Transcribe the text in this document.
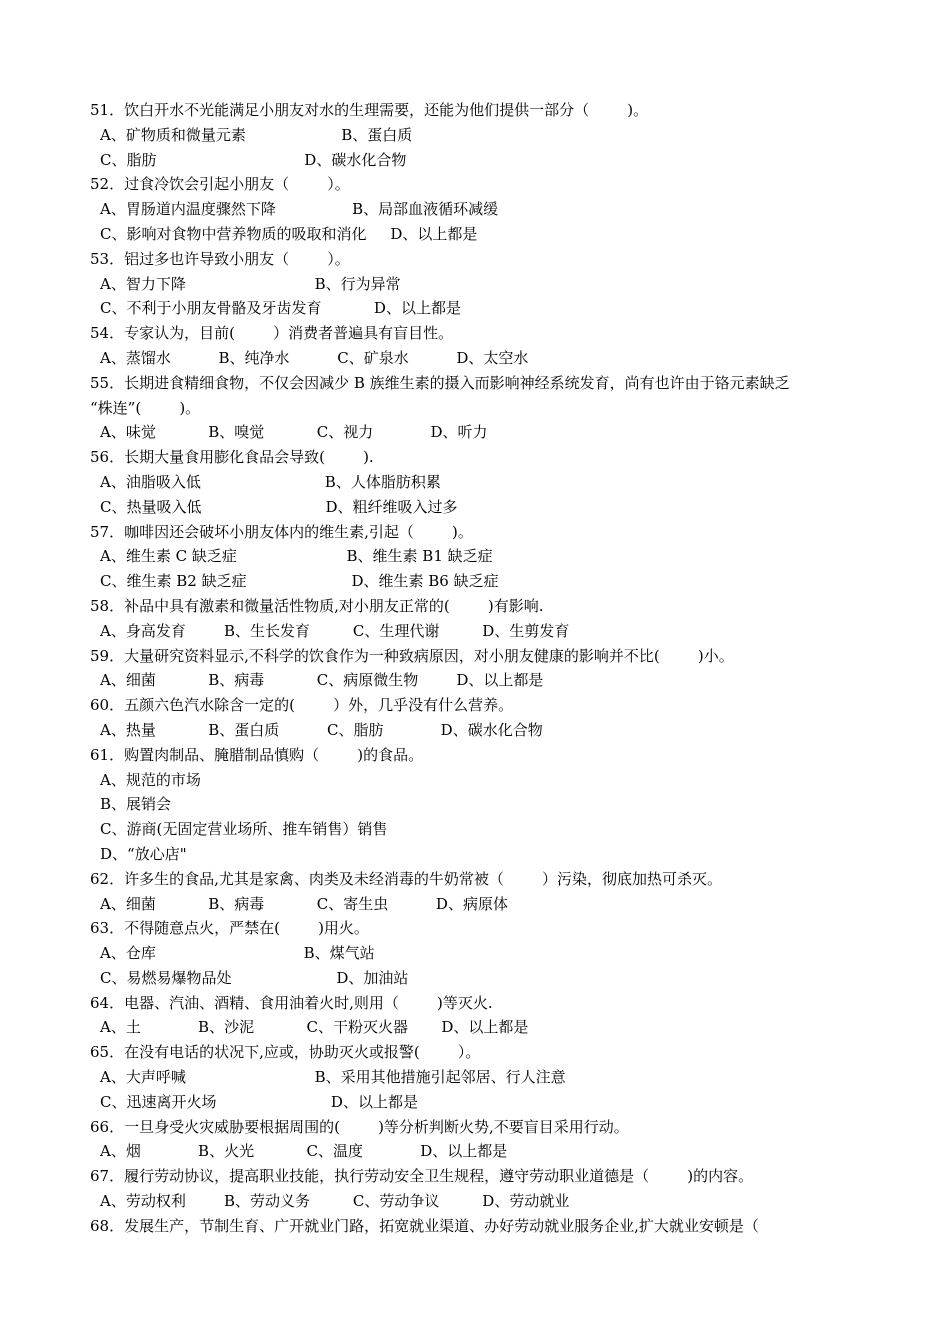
51．饮白开水不光能满足小朋友对水的生理需要，还能为他们提供一部分（        )。
A、矿物质和微量元素                    B、蛋白质
C、脂肪                               D、碳水化合物
52．过食冷饮会引起小朋友（        ）。
A、胃肠道内温度骤然下降                B、局部血液循环减缓
C、影响对食物中营养物质的吸取和消化     D、以上都是
53．铝过多也许导致小朋友（        ）。
A、智力下降                           B、行为异常
C、不利于小朋友骨骼及牙齿发育           D、以上都是
54．专家认为，目前(        ）消费者普遍具有盲目性。
A、蒸馏水          B、纯净水          C、矿泉水          D、太空水
55．长期进食精细食物，不仅会因减少 B 族维生素的摄入而影响神经系统发育，尚有也许由于铬元素缺乏
“株连”(        )。
A、味觉           B、嗅觉           C、视力            D、听力
56．长期大量食用膨化食品会导致(        ).
A、油脂吸入低                          B、人体脂肪积累
C、热量吸入低                          D、粗纤维吸入过多
57．咖啡因还会破坏小朋友体内的维生素,引起（        )。
A、维生素 C 缺乏症                       B、维生素 B1 缺乏症
C、维生素 B2 缺乏症                      D、维生素 B6 缺乏症
58．补品中具有激素和微量活性物质,对小朋友正常的(        )有影响.
A、身高发育        B、生长发育         C、生理代谢         D、生剪发育
59．大量研究资料显示,不科学的饮食作为一种致病原因，对小朋友健康的影响并不比(        )小。
A、细菌           B、病毒           C、病原微生物        D、以上都是
60．五颜六色汽水除含一定的(        ）外，几乎没有什么营养。
A、热量           B、蛋白质          C、脂肪            D、碳水化合物
61．购置肉制品、腌腊制品慎购（        )的食品。
A、规范的市场
B、展销会
C、游商(无固定营业场所、推车销售）销售
D、“放心店"
62．许多生的食品,尤其是家禽、肉类及未经消毒的牛奶常被（        ）污染，彻底加热可杀灭。
A、细菌           B、病毒           C、寄生虫          D、病原体
63．不得随意点火，严禁在(        )用火。
A、仓库                               B、煤气站
C、易燃易爆物品处                      D、加油站
64．电器、汽油、酒精、食用油着火时,则用（        )等灭火.
A、土            B、沙泥           C、干粉灭火器       D、以上都是
65．在没有电话的状况下,应或，协助灭火或报警(        ）。
A、大声呼喊                           B、采用其他措施引起邻居、行人注意
C、迅速离开火场                        D、以上都是
66．一旦身受火灾威胁要根据周围的(        )等分析判断火势,不要盲目采用行动。
A、烟            B、火光           C、温度            D、以上都是
67．履行劳动协议，提高职业技能，执行劳动安全卫生规程，遵守劳动职业道德是（        )的内容。
A、劳动权利        B、劳动义务         C、劳动争议         D、劳动就业
68．发展生产，节制生育、广开就业门路，拓宽就业渠道、办好劳动就业服务企业,扩大就业安顿是（
